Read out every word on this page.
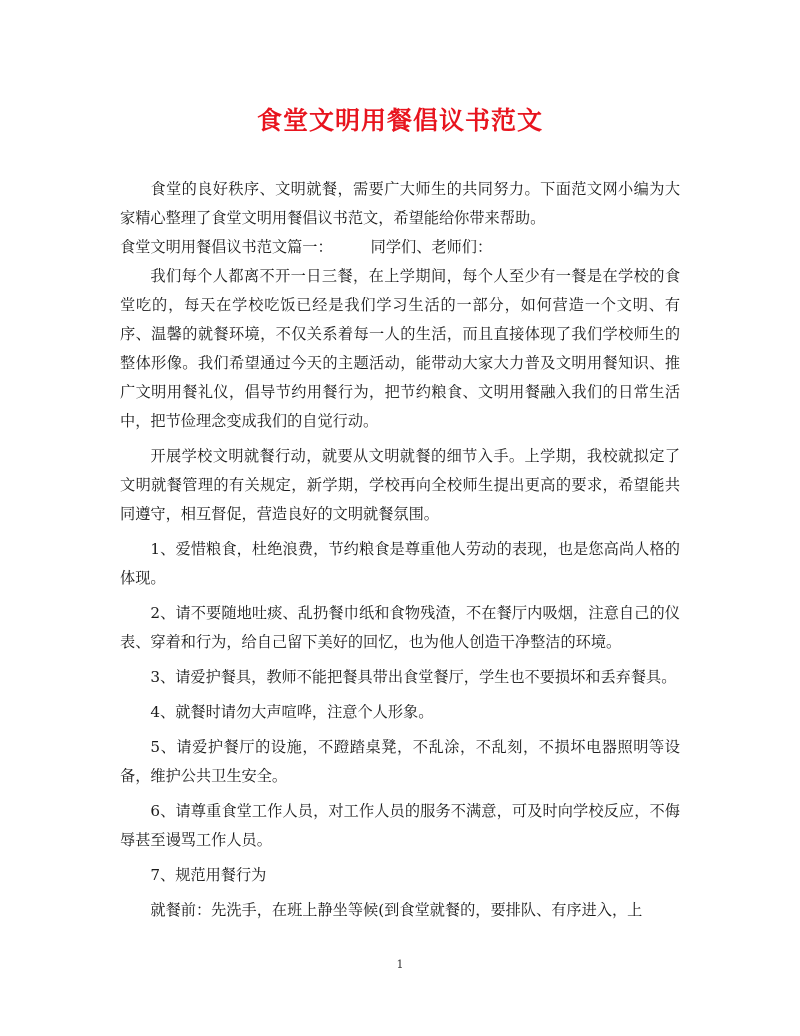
食堂文明用餐倡议书范文

食堂的良好秩序、文明就餐，需要广大师生的共同努力。下面范文网小编为大家精心整理了食堂文明用餐倡议书范文，希望能给你带来帮助。

食堂文明用餐倡议书范文篇一：	同学们、老师们：

我们每个人都离不开一日三餐，在上学期间，每个人至少有一餐是在学校的食堂吃的，每天在学校吃饭已经是我们学习生活的一部分，如何营造一个文明、有序、温馨的就餐环境，不仅关系着每一人的生活，而且直接体现了我们学校师生的整体形像。我们希望通过今天的主题活动，能带动大家大力普及文明用餐知识、推广文明用餐礼仪，倡导节约用餐行为，把节约粮食、文明用餐融入我们的日常生活中，把节俭理念变成我们的自觉行动。

开展学校文明就餐行动，就要从文明就餐的细节入手。上学期，我校就拟定了文明就餐管理的有关规定，新学期，学校再向全校师生提出更高的要求，希望能共同遵守，相互督促，营造良好的文明就餐氛围。

1、爱惜粮食，杜绝浪费，节约粮食是尊重他人劳动的表现，也是您高尚人格的体现。

2、请不要随地吐痰、乱扔餐巾纸和食物残渣，不在餐厅内吸烟，注意自己的仪表、穿着和行为，给自己留下美好的回忆，也为他人创造干净整洁的环境。

3、请爱护餐具，教师不能把餐具带出食堂餐厅，学生也不要损坏和丢弃餐具。

4、就餐时请勿大声喧哗，注意个人形象。

5、请爱护餐厅的设施，不蹬踏桌凳，不乱涂，不乱刻，不损坏电器照明等设备，维护公共卫生安全。

6、请尊重食堂工作人员，对工作人员的服务不满意，可及时向学校反应，不侮辱甚至谩骂工作人员。

7、规范用餐行为

就餐前：先洗手，在班上静坐等候(到食堂就餐的，要排队、有序进入，上

1
